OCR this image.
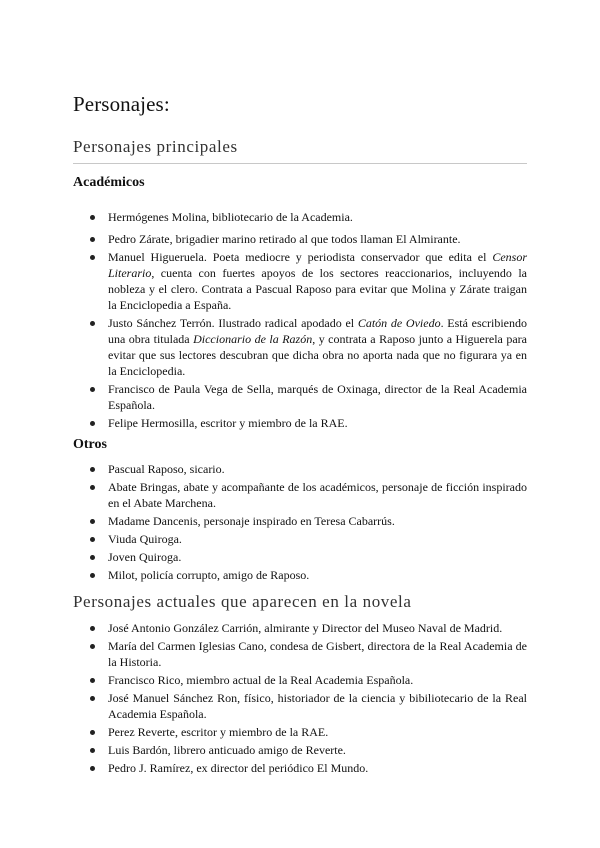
Personajes:
Personajes principales
Académicos
Hermógenes Molina, bibliotecario de la Academia.
Pedro Zárate, brigadier marino retirado al que todos llaman El Almirante.
Manuel Higueruela. Poeta mediocre y periodista conservador que edita el Censor Literario, cuenta con fuertes apoyos de los sectores reaccionarios, incluyendo la nobleza y el clero. Contrata a Pascual Raposo para evitar que Molina y Zárate traigan la Enciclopedia a España.
Justo Sánchez Terrón. Ilustrado radical apodado el Catón de Oviedo. Está escribiendo una obra titulada Diccionario de la Razón, y contrata a Raposo junto a Higuerela para evitar que sus lectores descubran que dicha obra no aporta nada que no figurara ya en la Enciclopedia.
Francisco de Paula Vega de Sella, marqués de Oxinaga, director de la Real Academia Española.
Felipe Hermosilla, escritor y miembro de la RAE.
Otros
Pascual Raposo, sicario.
Abate Bringas, abate y acompañante de los académicos, personaje de ficción inspirado en el Abate Marchena.
Madame Dancenis, personaje inspirado en Teresa Cabarrús.
Viuda Quiroga.
Joven Quiroga.
Milot, policía corrupto, amigo de Raposo.
Personajes actuales que aparecen en la novela
José Antonio González Carrión, almirante y Director del Museo Naval de Madrid.
María del Carmen Iglesias Cano, condesa de Gisbert, directora de la Real Academia de la Historia.
Francisco Rico, miembro actual de la Real Academia Española.
José Manuel Sánchez Ron, físico, historiador de la ciencia y bibiliotecario de la Real Academia Española.
Perez Reverte, escritor y miembro de la RAE.
Luis Bardón, librero anticuado amigo de Reverte.
Pedro J. Ramírez, ex director del periódico El Mundo.
